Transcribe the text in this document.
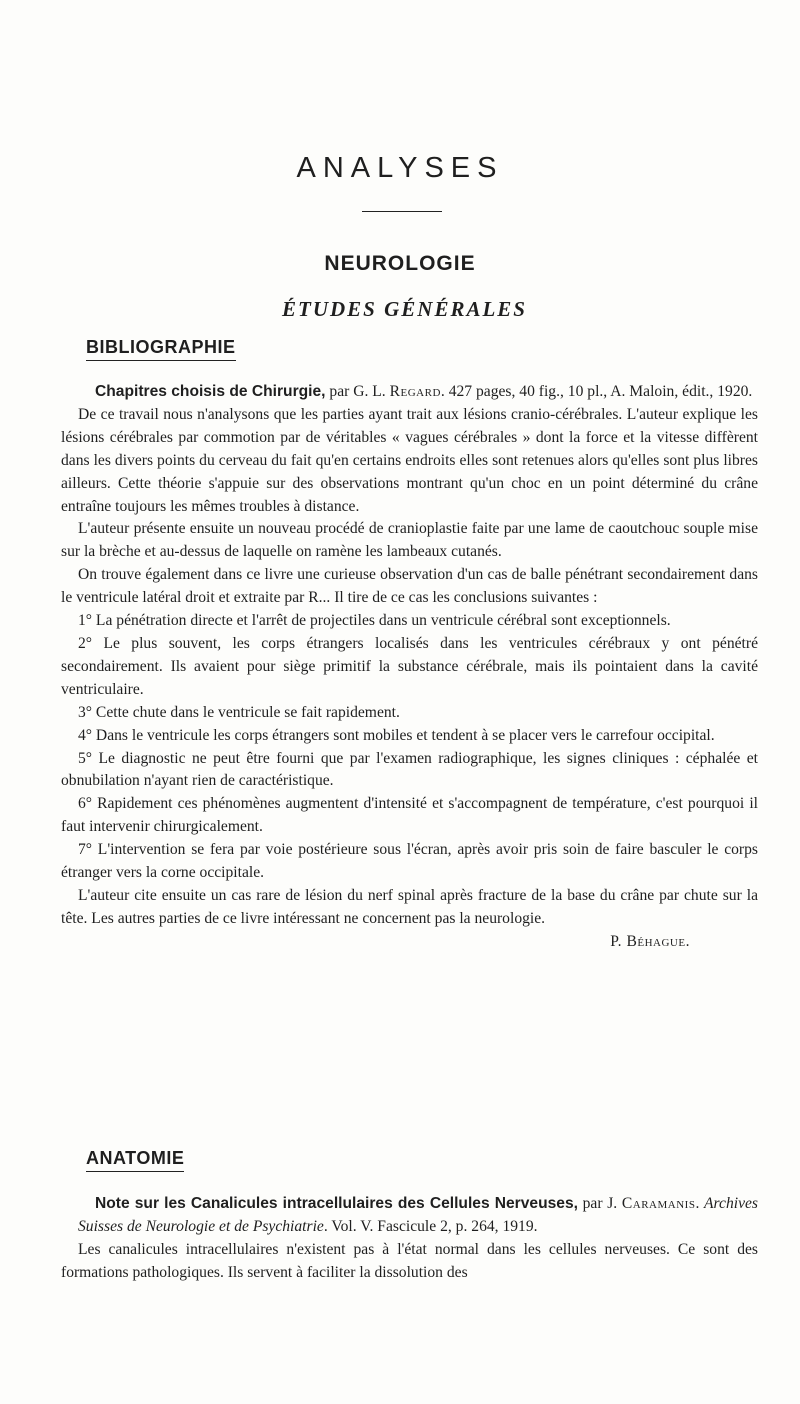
ANALYSES
NEUROLOGIE
ÉTUDES GÉNÉRALES
BIBLIOGRAPHIE

Chapitres choisis de Chirurgie, par G. L. Regard. 427 pages, 40 fig., 10 pl., A. Maloin, édit., 1920.

De ce travail nous n'analysons que les parties ayant trait aux lésions cranio-cérébrales. L'auteur explique les lésions cérébrales par commotion par de véritables « vagues cérébrales » dont la force et la vitesse diffèrent dans les divers points du cerveau du fait qu'en certains endroits elles sont retenues alors qu'elles sont plus libres ailleurs. Cette théorie s'appuie sur des observations montrant qu'un choc en un point déterminé du crâne entraîne toujours les mêmes troubles à distance.

L'auteur présente ensuite un nouveau procédé de cranioplastie faite par une lame de caoutchouc souple mise sur la brèche et au-dessus de laquelle on ramène les lambeaux cutanés.

On trouve également dans ce livre une curieuse observation d'un cas de balle pénétrant secondairement dans le ventricule latéral droit et extraite par R... Il tire de ce cas les conclusions suivantes :

1° La pénétration directe et l'arrêt de projectiles dans un ventricule cérébral sont exceptionnels.

2° Le plus souvent, les corps étrangers localisés dans les ventricules cérébraux y ont pénétré secondairement. Ils avaient pour siège primitif la substance cérébrale, mais ils pointaient dans la cavité ventriculaire.

3° Cette chute dans le ventricule se fait rapidement.

4° Dans le ventricule les corps étrangers sont mobiles et tendent à se placer vers le carrefour occipital.

5° Le diagnostic ne peut être fourni que par l'examen radiographique, les signes cliniques : céphalée et obnubilation n'ayant rien de caractéristique.

6° Rapidement ces phénomènes augmentent d'intensité et s'accompagnent de température, c'est pourquoi il faut intervenir chirurgicalement.

7° L'intervention se fera par voie postérieure sous l'écran, après avoir pris soin de faire basculer le corps étranger vers la corne occipitale.

L'auteur cite ensuite un cas rare de lésion du nerf spinal après fracture de la base du crâne par chute sur la tête. Les autres parties de ce livre intéressant ne concernent pas la neurologie.

P. Béhague.

ANATOMIE

Note sur les Canalicules intracellulaires des Cellules Nerveuses, par J. Caramanis. Archives Suisses de Neurologie et de Psychiatrie. Vol. V. Fascicule 2, p. 264, 1919.

Les canalicules intracellulaires n'existent pas à l'état normal dans les cellules nerveuses. Ce sont des formations pathologiques. Ils servent à faciliter la dissolution des
